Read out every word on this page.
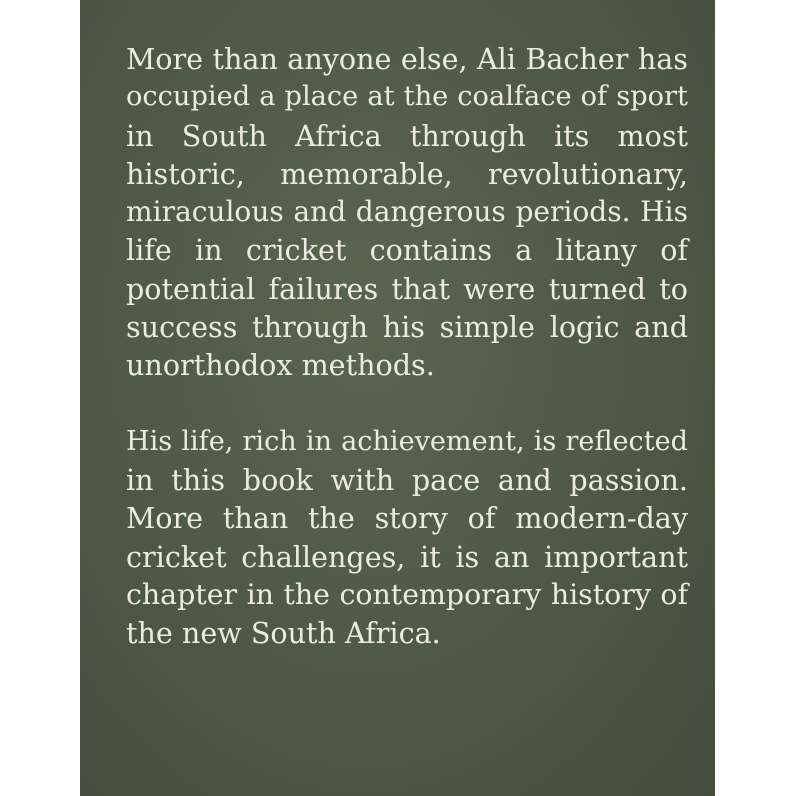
More than anyone else, Ali Bacher has
occupied a place at the coalface of sport
in South Africa through its most
historic, memorable, revolutionary,
miraculous and dangerous periods. His
life in cricket contains a litany of
potential failures that were turned to
success through his simple logic and
unorthodox methods.
His life, rich in achievement, is reflected
in this book with pace and passion.
More than the story of modern-day
cricket challenges, it is an important
chapter in the contemporary history of
the new South Africa.
